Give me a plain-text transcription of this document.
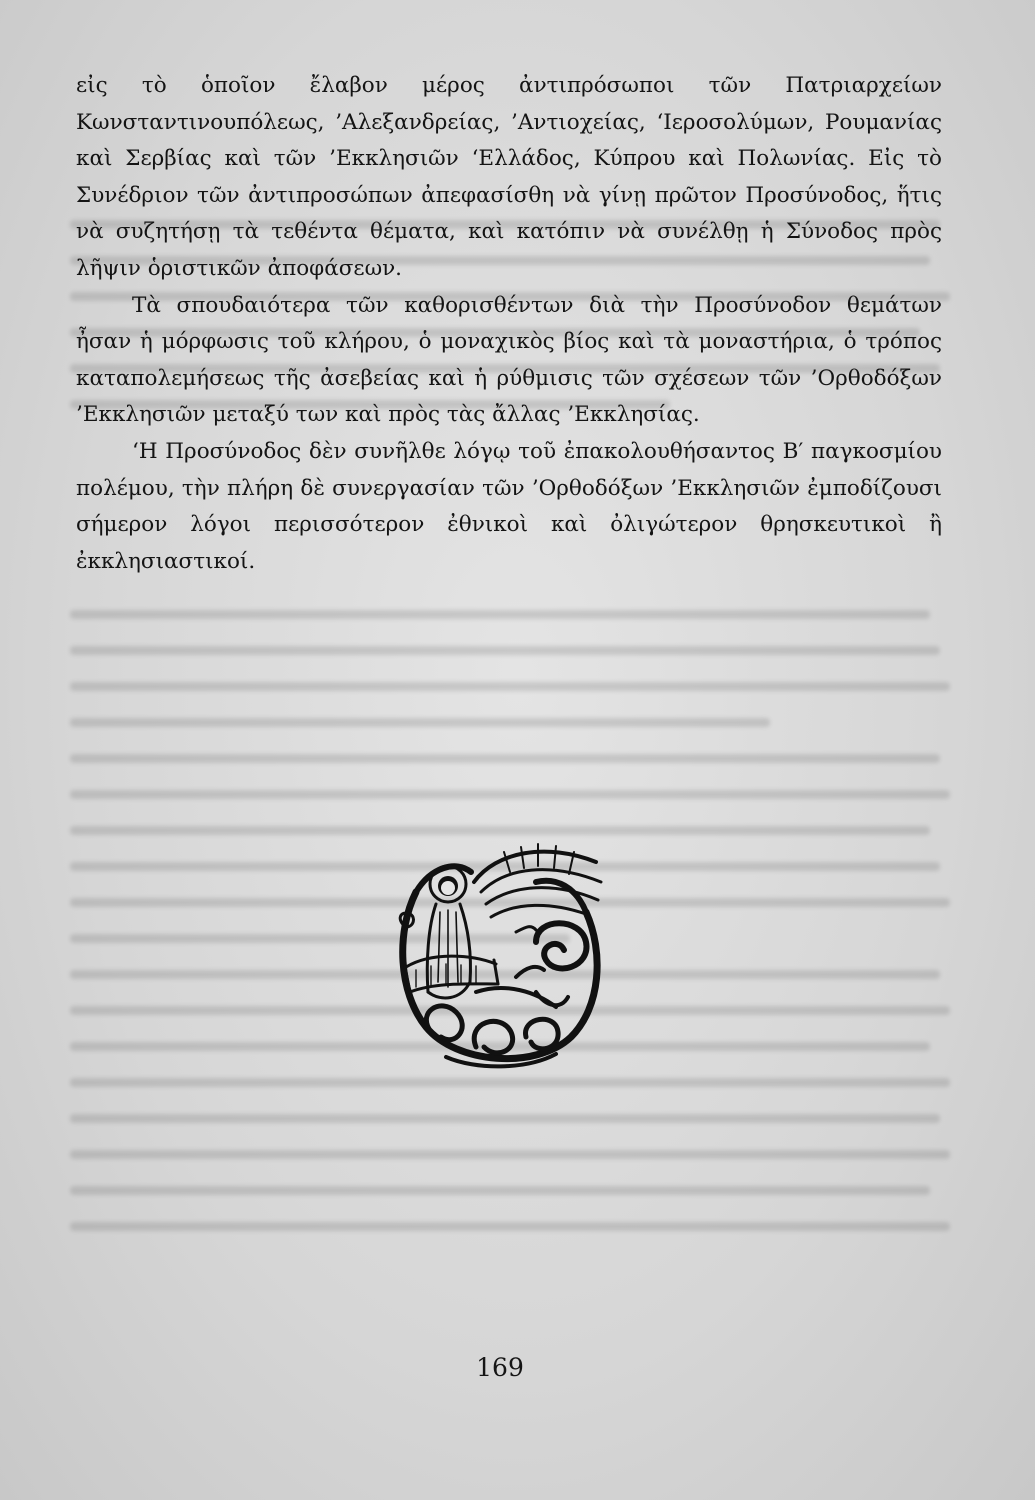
εἰς τὸ ὁποῖον ἔλαβον μέρος ἀντιπρόσωποι τῶν Πατριαρχείων Κωνσταντινουπόλεως, ’Αλεξανδρείας, ’Αντιοχείας, ‘Ιεροσολύμων, Ρουμανίας καὶ Σερβίας καὶ τῶν ’Εκκλησιῶν ‘Ελλάδος, Κύπρου καὶ Πολωνίας. Εἰς τὸ Συνέδριον τῶν ἀντιπροσώπων ἀπεφασίσθη νὰ γίνῃ πρῶτον Προσύνοδος, ἥτις νὰ συζητήσῃ τὰ τεθέντα θέματα, καὶ κατόπιν νὰ συνέλθῃ ἡ Σύνοδος πρὸς λῆψιν ὁριστικῶν ἀποφάσεων.

Τὰ σπουδαιότερα τῶν καθορισθέντων διὰ τὴν Προσύνοδον θεμάτων ἦσαν ἡ μόρφωσις τοῦ κλήρου, ὁ μοναχικὸς βίος καὶ τὰ μοναστήρια, ὁ τρόπος καταπολεμήσεως τῆς ἀσεβείας καὶ ἡ ρύθμισις τῶν σχέσεων τῶν ’Ορθοδόξων ’Εκκλησιῶν μεταξύ των καὶ πρὸς τὰς ἄλλας ’Εκκλησίας.

‘Η Προσύνοδος δὲν συνῆλθε λόγῳ τοῦ ἐπακολουθήσαντος Β′ παγκοσμίου πολέμου, τὴν πλήρη δὲ συνεργασίαν τῶν ’Ορθοδόξων ’Εκκλησιῶν ἐμποδίζουσι σήμερον λόγοι περισσότερον ἐθνικοὶ καὶ ὀλιγώτερον θρησκευτικοὶ ἢ ἐκκλησιαστικοί.

169
